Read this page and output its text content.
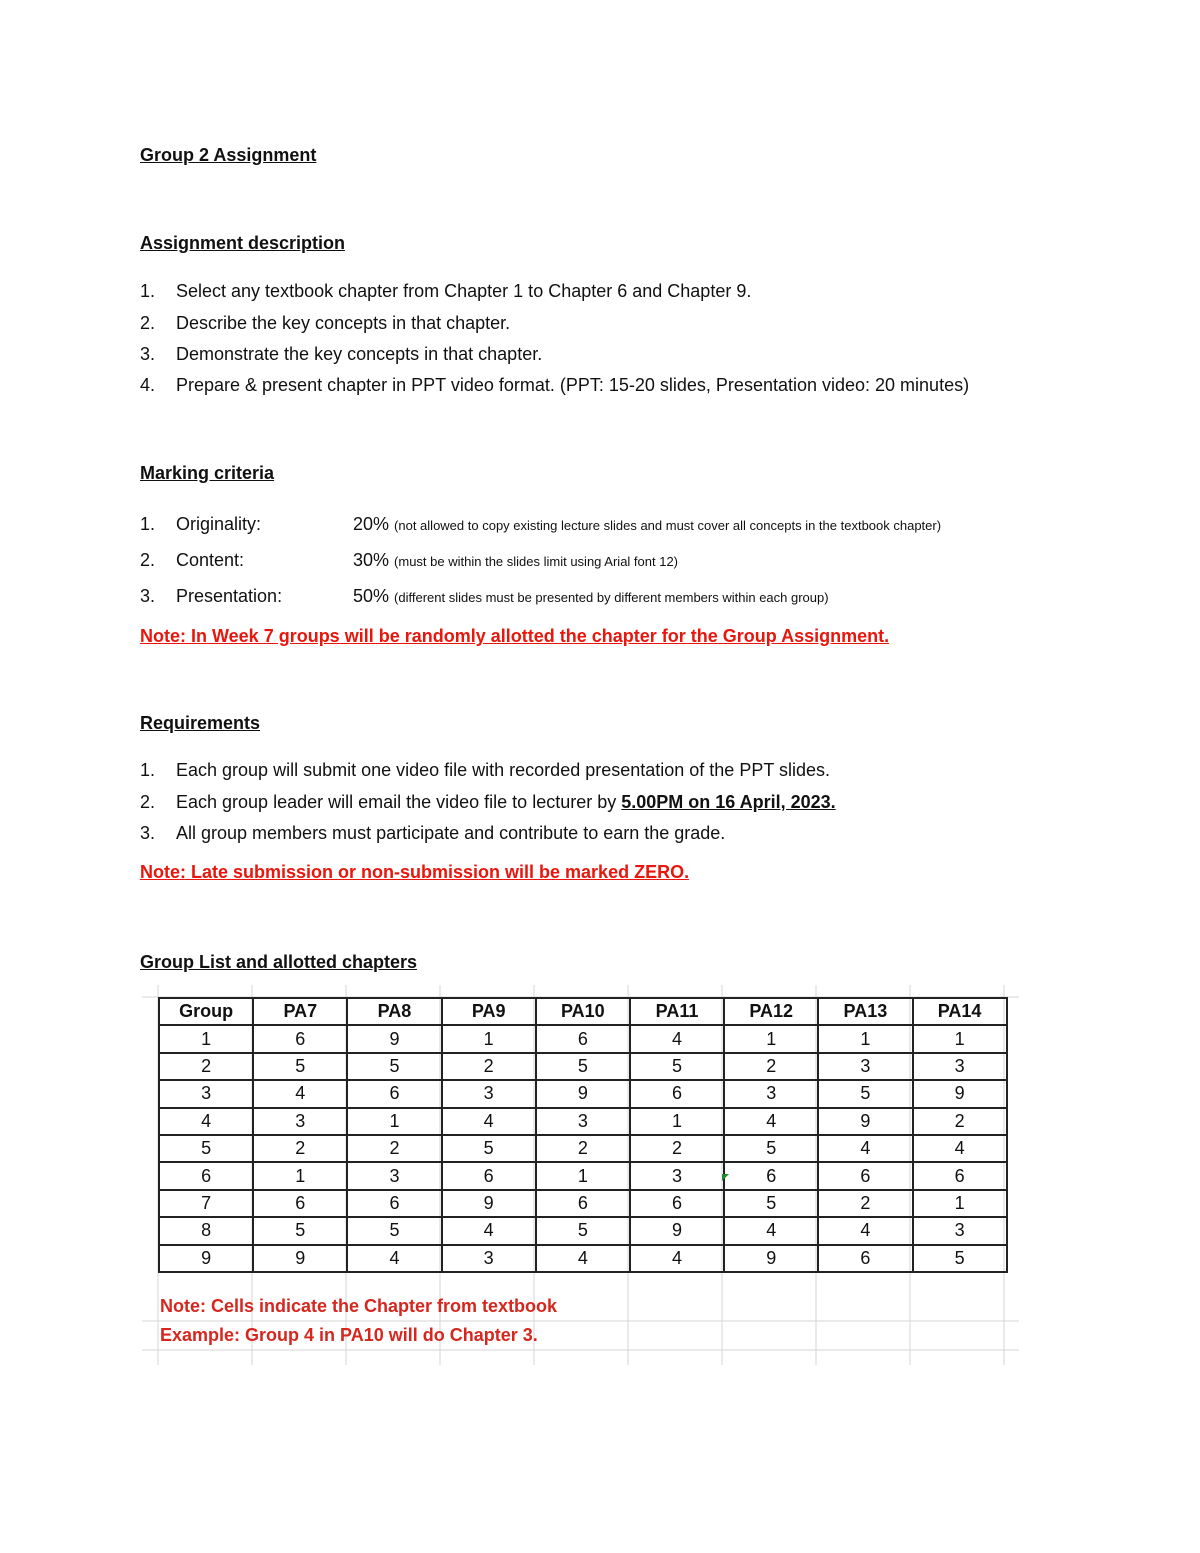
Group 2 Assignment
Assignment description
1. Select any textbook chapter from Chapter 1 to Chapter 6 and Chapter 9.
2. Describe the key concepts in that chapter.
3. Demonstrate the key concepts in that chapter.
4. Prepare & present chapter in PPT video format. (PPT: 15-20 slides, Presentation video: 20 minutes)
Marking criteria
1. Originality:	20% (not allowed to copy existing lecture slides and must cover all concepts in the textbook chapter)
2. Content:	30% (must be within the slides limit using Arial font 12)
3. Presentation:	50% (different slides must be presented by different members within each group)
Note: In Week 7 groups will be randomly allotted the chapter for the Group Assignment.
Requirements
1. Each group will submit one video file with recorded presentation of the PPT slides.
2. Each group leader will email the video file to lecturer by 5.00PM on 16 April, 2023.
3. All group members must participate and contribute to earn the grade.
Note: Late submission or non-submission will be marked ZERO.
Group List and allotted chapters
Group	PA7	PA8	PA9	PA10	PA11	PA12	PA13	PA14
1	6	9	1	6	4	1	1	1
2	5	5	2	5	5	2	3	3
3	4	6	3	9	6	3	5	9
4	3	1	4	3	1	4	9	2
5	2	2	5	2	2	5	4	4
6	1	3	6	1	3	6	6	6
7	6	6	9	6	6	5	2	1
8	5	5	4	5	9	4	4	3
9	9	4	3	4	4	9	6	5
Note: Cells indicate the Chapter from textbook
Example: Group 4 in PA10 will do Chapter 3.
